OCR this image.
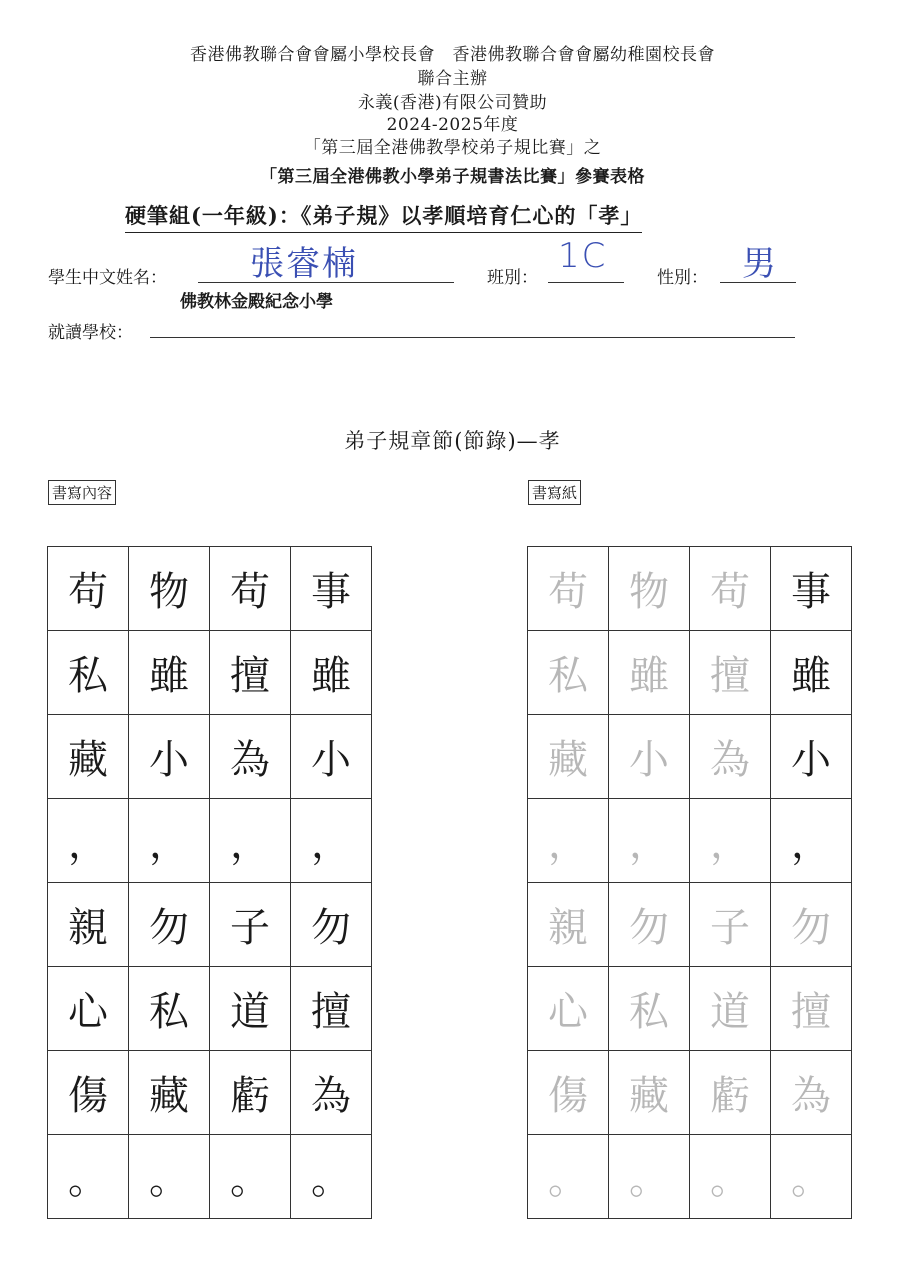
香港佛教聯合會會屬小學校長會　香港佛教聯合會會屬幼稚園校長會
聯合主辦
永義(香港)有限公司贊助
2024-2025年度
「第三屆全港佛教學校弟子規比賽」之
「第三屆全港佛教小學弟子規書法比賽」參賽表格
硬筆組(一年級)：《弟子規》以孝順培育仁心的「孝」
學生中文姓名： 張睿楠	班別：
1C
性別： 男
佛教林金殿紀念小學
就讀學校：
弟子規章節(節錄)—孝
書寫內容	書寫紙
苟	物	苟	事
私	雖	擅	雖
藏	小	為	小
，	，	，	，
親	勿	子	勿
心	私	道	擅
傷	藏	虧	為
。	。	。	。
苟	物	苟	事
私	雖	擅	雖
藏	小	為	小
，	，	，	，
親	勿	子	勿
心	私	道	擅
傷	藏	虧	為
。	。	。	。
